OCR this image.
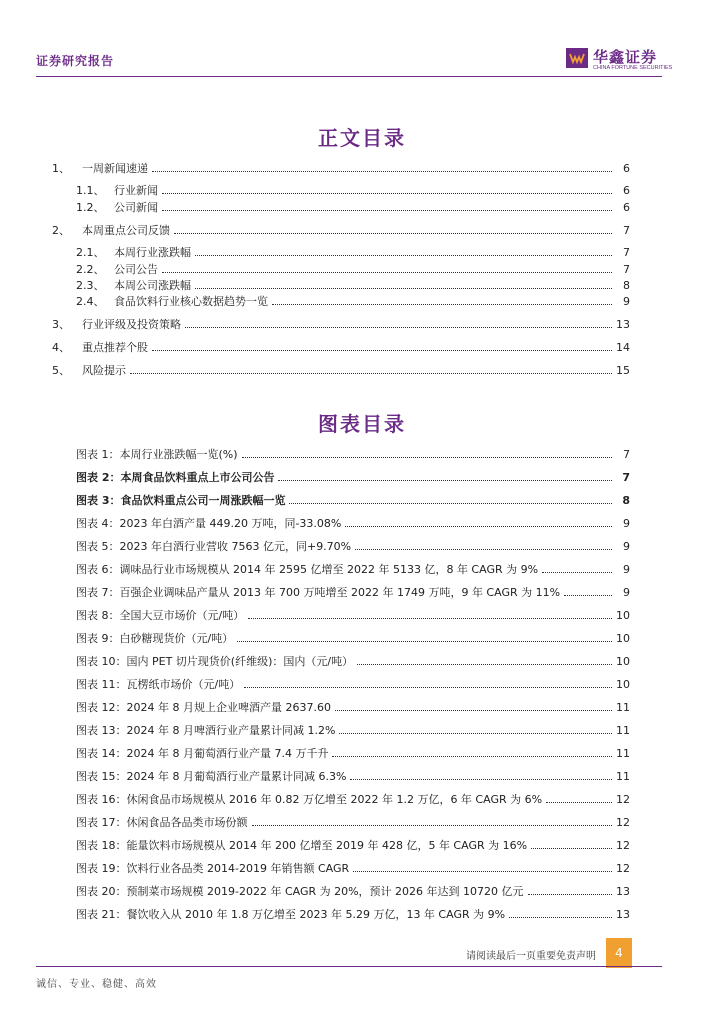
证券研究报告	华鑫证券
CHINA FORTUNE SECURITIES
正文目录
1、	一周新闻速递	6
1.1、 行业新闻	6
1.2、 公司新闻	6
2、	本周重点公司反馈	7
2.1、 本周行业涨跌幅	7
2.2、 公司公告	7
2.3、 本周公司涨跌幅	8
2.4、 食品饮料行业核心数据趋势一览	9
3、	行业评级及投资策略	13
4、	重点推荐个股	14
5、	风险提示	15
图表目录
图表 1：本周行业涨跌幅一览(%)	7
图表 2：本周食品饮料重点上市公司公告	7
图表 3：食品饮料重点公司一周涨跌幅一览	8
图表 4：2023 年白酒产量 449.20 万吨，同-33.08%	9
图表 5：2023 年白酒行业营收 7563 亿元，同+9.70%	9
图表 6：调味品行业市场规模从 2014 年 2595 亿增至 2022 年 5133 亿，8 年 CAGR 为 9%	9
图表 7：百强企业调味品产量从 2013 年 700 万吨增至 2022 年 1749 万吨，9 年 CAGR 为 11%	9
图表 8：全国大豆市场价（元/吨）	10
图表 9：白砂糖现货价（元/吨）	10
图表 10：国内 PET 切片现货价(纤维级)：国内（元/吨）	10
图表 11：瓦楞纸市场价（元/吨）	10
图表 12：2024 年 8 月规上企业啤酒产量 2637.60	11
图表 13：2024 年 8 月啤酒行业产量累计同减 1.2%	11
图表 14：2024 年 8 月葡萄酒行业产量 7.4 万千升	11
图表 15：2024 年 8 月葡萄酒行业产量累计同减 6.3%	11
图表 16：休闲食品市场规模从 2016 年 0.82 万亿增至 2022 年 1.2 万亿，6 年 CAGR 为 6%	12
图表 17：休闲食品各品类市场份额	12
图表 18：能量饮料市场规模从 2014 年 200 亿增至 2019 年 428 亿，5 年 CAGR 为 16%	12
图表 19：饮料行业各品类 2014-2019 年销售额 CAGR	12
图表 20：预制菜市场规模 2019-2022 年 CAGR 为 20%，预计 2026 年达到 10720 亿元	13
图表 21：餐饮收入从 2010 年 1.8 万亿增至 2023 年 5.29 万亿，13 年 CAGR 为 9%	13
请阅读最后一页重要免责声明	4
诚信、专业、稳健、高效
